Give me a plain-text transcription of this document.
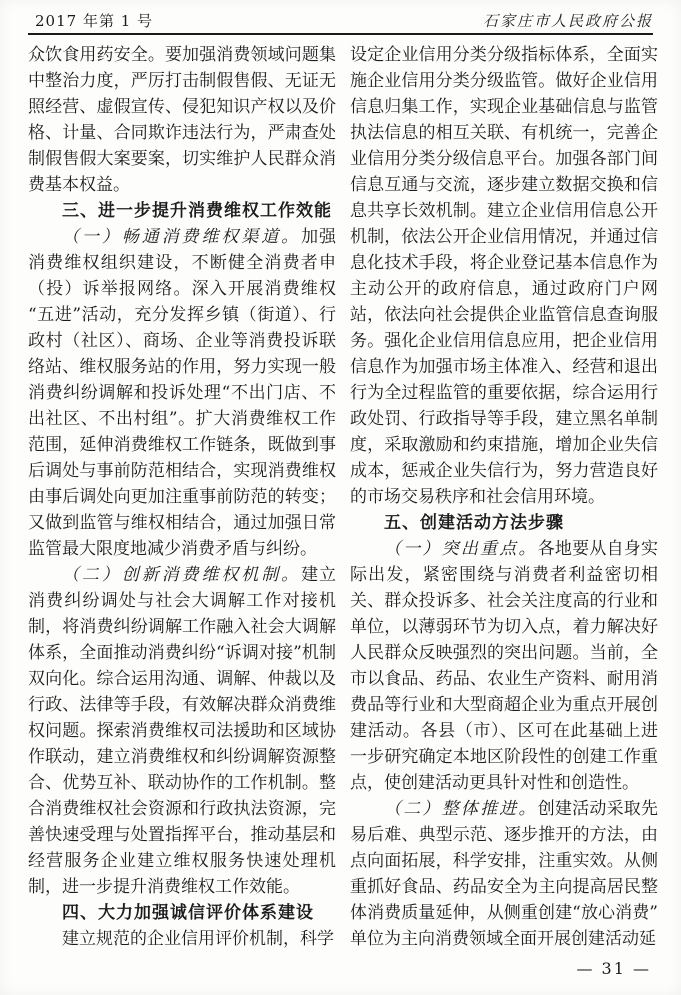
2017 年第 1 号	石家庄市人民政府公报

众饮食用药安全。要加强消费领域问题集中整治力度，严厉打击制假售假、无证无照经营、虚假宣传、侵犯知识产权以及价格、计量、合同欺诈违法行为，严肃查处制假售假大案要案，切实维护人民群众消费基本权益。

三、进一步提升消费维权工作效能

（一）畅通消费维权渠道。加强消费维权组织建设，不断健全消费者申（投）诉举报网络。深入开展消费维权“五进”活动，充分发挥乡镇（街道）、行政村（社区）、商场、企业等消费投诉联络站、维权服务站的作用，努力实现一般消费纠纷调解和投诉处理“不出门店、不出社区、不出村组”。扩大消费维权工作范围，延伸消费维权工作链条，既做到事后调处与事前防范相结合，实现消费维权由事后调处向更加注重事前防范的转变；又做到监管与维权相结合，通过加强日常监管最大限度地减少消费矛盾与纠纷。

（二）创新消费维权机制。建立消费纠纷调处与社会大调解工作对接机制，将消费纠纷调解工作融入社会大调解体系，全面推动消费纠纷“诉调对接”机制双向化。综合运用沟通、调解、仲裁以及行政、法律等手段，有效解决群众消费维权问题。探索消费维权司法援助和区域协作联动，建立消费维权和纠纷调解资源整合、优势互补、联动协作的工作机制。整合消费维权社会资源和行政执法资源，完善快速受理与处置指挥平台，推动基层和经营服务企业建立维权服务快速处理机制，进一步提升消费维权工作效能。

四、大力加强诚信评价体系建设

建立规范的企业信用评价机制，科学

设定企业信用分类分级指标体系，全面实施企业信用分类分级监管。做好企业信用信息归集工作，实现企业基础信息与监管执法信息的相互关联、有机统一，完善企业信用分类分级信息平台。加强各部门间信息互通与交流，逐步建立数据交换和信息共享长效机制。建立企业信用信息公开机制，依法公开企业信用情况，并通过信息化技术手段，将企业登记基本信息作为主动公开的政府信息，通过政府门户网站，依法向社会提供企业监管信息查询服务。强化企业信用信息应用，把企业信用信息作为加强市场主体准入、经营和退出行为全过程监管的重要依据，综合运用行政处罚、行政指导等手段，建立黑名单制度，采取激励和约束措施，增加企业失信成本，惩戒企业失信行为，努力营造良好的市场交易秩序和社会信用环境。

五、创建活动方法步骤

（一）突出重点。各地要从自身实际出发，紧密围绕与消费者利益密切相关、群众投诉多、社会关注度高的行业和单位，以薄弱环节为切入点，着力解决好人民群众反映强烈的突出问题。当前，全市以食品、药品、农业生产资料、耐用消费品等行业和大型商超企业为重点开展创建活动。各县（市）、区可在此基础上进一步研究确定本地区阶段性的创建工作重点，使创建活动更具针对性和创造性。

（二）整体推进。创建活动采取先易后难、典型示范、逐步推开的方法，由点向面拓展，科学安排，注重实效。从侧重抓好食品、药品安全为主向提高居民整体消费质量延伸，从侧重创建“放心消费”单位为主向消费领域全面开展创建活动延

— 31 —
